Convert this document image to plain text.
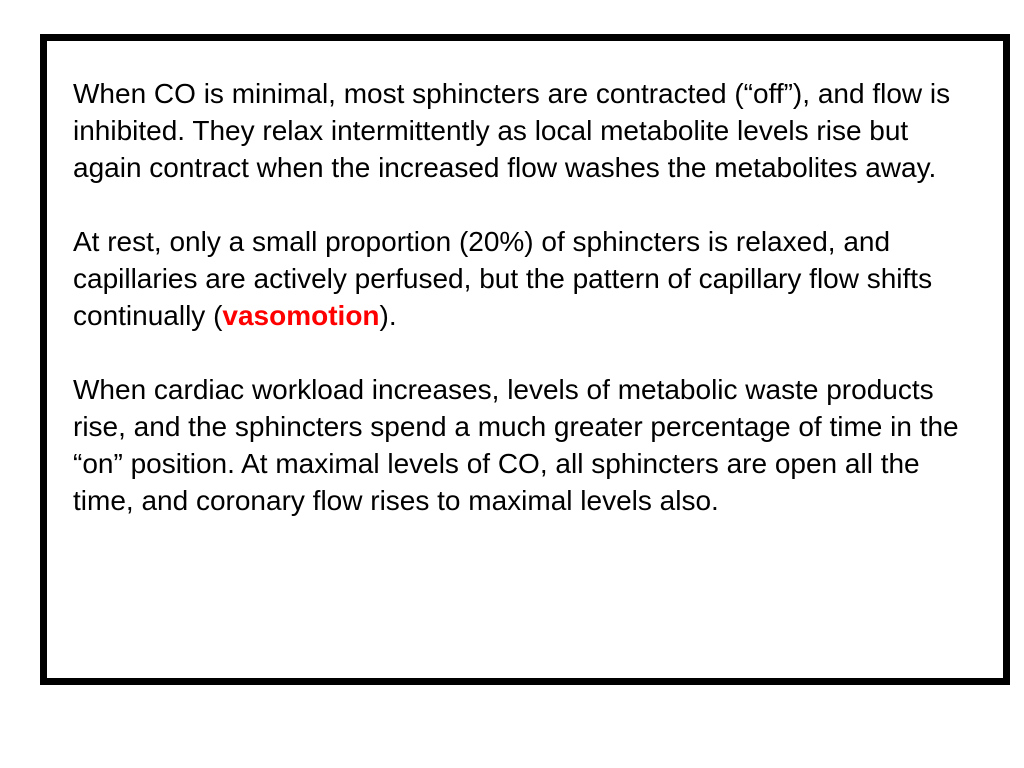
When CO is minimal, most sphincters are contracted (“off”), and flow is inhibited. They relax intermittently as local metabolite levels rise but again contract when the increased flow washes the metabolites away.

At rest, only a small proportion (20%) of sphincters is relaxed, and capillaries are actively perfused, but the pattern of capillary flow shifts continually (vasomotion).

When cardiac workload increases, levels of metabolic waste products rise, and the sphincters spend a much greater percentage of time in the “on” position. At maximal levels of CO, all sphincters are open all the time, and coronary flow rises to maximal levels also.
